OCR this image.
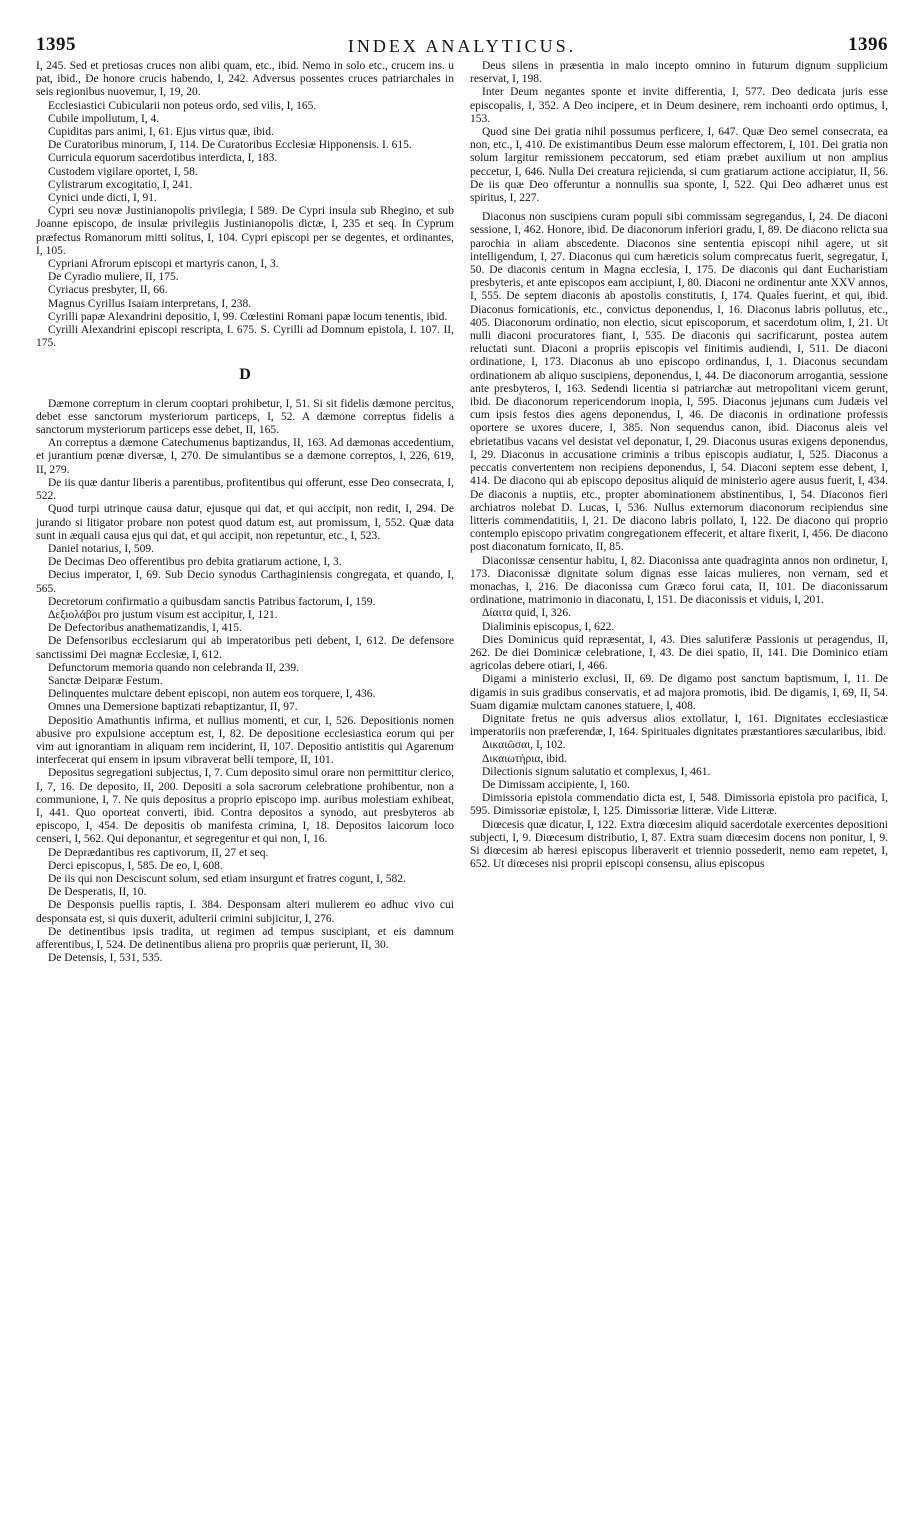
1395	INDEX ANALYTICUS.	1396

I, 245. Sed et pretiosas cruces non alibi quam, etc., ibid. Nemo in solo etc., crucem ins. u pat, ibid., De honore crucis habendo, I, 242. Adversus possentes cruces patriarchales in seis regionibus nuovemur, I, 19, 20.

Ecclesiastici Cubicularii non poteus ordo, sed vilis, I, 165.

Cubile impollutum, I, 4.

Cupiditas pars animi, I, 61. Ejus virtus quæ, ibid.

De Curatoribus minorum, I, 114. De Curatoribus Ecclesiæ Hipponensis. I. 615.

Curricula equorum sacerdotibus interdicta, I, 183.

Custodem vigilare oportet, I, 58.

Cylistrarum excogitatio, I, 241.

Cynici unde dicti, I, 91.

Cypri seu novæ Justinianopolis privilegia, I 589. De Cypri insula sub Rhegino, et sub Joanne episcopo, de insulæ privilegiis Justinianopolis dictæ, I, 235 et seq. In Cyprum præfectus Romanorum mitti solitus, I, 104. Cypri episcopi per se degentes, et ordinantes, I, 105.

Cypriani Afrorum episcopi et martyris canon, I, 3.

De Cyradio muliere, II, 175.

Cyriacus presbyter, II, 66.

Magnus Cyrillus Isaiam interpretans, I, 238.

Cyrilli papæ Alexandrini depositio, I, 99. Cœlestini Romani papæ locum tenentis, ibid.

Cyrilli Alexandrini episcopi rescripta, I. 675. S. Cyrilli ad Domnum epistola, I. 107. II, 175.

D

Dæmone correptum in clerum cooptari prohibetur, I, 51. Si sit fidelis dæmone percitus, debet esse sanctorum mysteriorum particeps, I, 52. A dæmone correptus fidelis a sanctorum mysteriorum particeps esse debet, II, 165.

An correptus a dæmone Catechumenus baptizandus, II, 163. Ad dæmonas accedentium, et jurantium pœnæ diversæ, I, 270. De simulantibus se a dæmone correptos, I, 226, 619, II, 279.

De iis quæ dantur liberis a parentibus, profitentibus qui offerunt, esse Deo consecrata, I, 522.

Quod turpi utrinque causa datur, ejusque qui dat, et qui accipit, non redit, I, 294. De jurando si litigator probare non potest quod datum est, aut promissum, I, 552. Quæ data sunt in æquali causa ejus qui dat, et qui accipit, non repetuntur, etc., I, 523.

Daniel notarius, I, 509.

De Decimas Deo offerentibus pro debita gratiarum actione, I, 3.

Decius imperator, I, 69. Sub Decio synodus Carthaginiensis congregata, et quando, I, 565.

Decretorum confirmatio a quibusdam sanctis Patribus factorum, I, 159.

Δεξιολάβοι pro justum visum est accipitur, I, 121.

De Defectoribus anathematizandis, I, 415.

De Defensoribus ecclesiarum qui ab imperatoribus peti debent, I, 612. De defensore sanctissimi Dei magnæ Ecclesiæ, I, 612.

Defunctorum memoria quando non celebranda II, 239.

Sanctæ Deiparæ Festum.

Delinquentes mulctare debent episcopi, non autem eos torquere, I, 436.

Omnes una Demersione baptizati rebaptizantur, II, 97.

Depositio Amathuntis infirma, et nullius momenti, et cur, I, 526. Depositionis nomen abusive pro expulsione acceptum est, I, 82. De depositione ecclesiastica eorum qui per vim aut ignorantiam in aliquam rem inciderint, II, 107. Depositio antistitis qui Agarenum interfecerat qui ensem in ipsum vibraverat belli tempore, II, 101.

Depositus segregationi subjectus, I, 7. Cum deposito simul orare non permittitur clerico, I, 7, 16. De deposito, II, 200. Depositi a sola sacrorum celebratione prohibentur, non a communione, I, 7. Ne quis depositus a proprio episcopo imp. auribus molestiam exhibeat, I, 441. Quo oporteat converti, ibid. Contra depositos a synodo, aut presbyteros ab episcopo, I, 454. De depositis ob manifesta crimina, I, 18. Depositos laicorum loco censeri, I, 562. Qui deponantur, et segregentur et qui non, I, 16.

De Deprædantibus res captivorum, II, 27 et seq.

Derci episcopus, I, 585. De eo, I, 608.

De iis qui non Desciscunt solum, sed etiam insurgunt et fratres cogunt, I, 582.

De Desperatis, II, 10.

De Desponsis puellis raptis, I. 384. Desponsam alteri mulierem eo adhuc vivo cui desponsata est, si quis duxerit, adulterii crimini subjicitur, I, 276.

De detinentibus ipsis tradita, ut regimen ad tempus suscipiant, et eis damnum afferentibus, I, 524. De detinentibus aliena pro propriis quæ perierunt, II, 30.

De Detensis, I, 531, 535.

Deus silens in præsentia in malo incepto omnino in futurum dignum supplicium reservat, I, 198.

Inter Deum negantes sponte et invite differentia, I, 577. Deo dedicata juris esse episcopalis, I, 352. A Deo incipere, et in Deum desinere, rem inchoanti ordo optimus, I, 153.

Quod sine Dei gratia nihil possumus perficere, I, 647. Quæ Deo semel consecrata, ea non, etc., I, 410. De existimantibus Deum esse malorum effectorem, I, 101. Dei gratia non solum largitur remissionem peccatorum, sed etiam præbet auxilium ut non amplius peccetur, I, 646. Nulla Dei creatura rejicienda, si cum gratiarum actione accipiatur, II, 56. De iis quæ Deo offeruntur a nonnullis sua sponte, I, 522. Qui Deo adhæret unus est spiritus, I, 227.

Diaconus non suscipiens curam populi sibi commissam segregandus, I, 24. De diaconi sessione, I, 462. Honore, ibid. De diaconorum inferiori gradu, I, 89. De diacono relicta sua parochia in aliam abscedente. Diaconos sine sententia episcopi nihil agere, ut sit intelligendum, I, 27. Diaconus qui cum hæreticis solum comprecatus fuerit, segregatur, I, 50. De diaconis centum in Magna ecclesia, I, 175. De diaconis qui dant Eucharistiam presbyteris, et ante episcopos eam accipiunt, I, 80. Diaconi ne ordinentur ante XXV annos, I, 555. De septem diaconis ab apostolis constitutis, I, 174. Quales fuerint, et qui, ibid. Diaconus fornicationis, etc., convictus deponendus, I, 16. Diaconus labris pollutus, etc., 405. Diaconorum ordinatio, non electio, sicut episcoporum, et sacerdotum olim, I, 21. Ut nulli diaconi procuratores fiant, I, 535. De diaconis qui sacrificarunt, postea autem reluctati sunt. Diaconi a propriis episcopis vel finitimis audiendi, I, 511. De diaconi ordinatione, I, 173. Diaconus ab uno episcopo ordinandus, I, 1. Diaconus secundam ordinationem ab aliquo suscipiens, deponendus, I, 44. De diaconorum arrogantia, sessione ante presbyteros, I, 163. Sedendi licentia si patriarchæ aut metropolitani vicem gerunt, ibid. De diaconorum repericendorum inopia, I, 595. Diaconus jejunans cum Judæis vel cum ipsis festos dies agens deponendus, I, 46. De diaconis in ordinatione professis oportere se uxores ducere, I, 385. Non sequendus canon, ibid. Diaconus aleis vel ebrietatibus vacans vel desistat vel deponatur, I, 29. Diaconus usuras exigens deponendus, I, 29. Diaconus in accusatione criminis a tribus episcopis audiatur, I, 525. Diaconus a peccatis convertentem non recipiens deponendus, I, 54. Diaconi septem esse debent, I, 414. De diacono qui ab episcopo depositus aliquid de ministerio agere ausus fuerit, I, 434. De diaconis a nuptiis, etc., propter abominationem abstinentibus, I, 54. Diaconos fieri archiatros nolebat D. Lucas, I, 536. Nullus externorum diaconorum recipiendus sine litteris commendatitiis, I, 21. De diacono labris pollato, I, 122. De diacono qui proprio contemplo episcopo privatim congregationem effecerit, et altare fixerit, I, 456. De diacono post diaconatum fornicato, II, 85.

Diaconissæ censentur habitu, I, 82. Diaconissa ante quadraginta annos non ordinetur, I, 173. Diaconissæ dignitate solum dignas esse laicas mulieres, non vernam, sed et monachas, I, 216. De diaconissa cum Græco forui cata, II, 101. De diaconissarum ordinatione, matrimonio in diaconatu, I, 151. De diaconissis et viduis, I, 201.

Δίαιτα quid, I, 326.

Dialiminis episcopus, I, 622.

Dies Dominicus quid repræsentat, I, 43. Dies salutiferæ Passionis ut peragendus, II, 262. De diei Dominicæ celebratione, I, 43. De diei spatio, II, 141. Die Dominico etiam agricolas debere otiari, I, 466.

Digami a ministerio exclusi, II, 69. De digamo post sanctum baptismum, I, 11. De digamis in suis gradibus conservatis, et ad majora promotis, ibid. De digamis, I, 69, II, 54. Suam digamiæ mulctam canones statuere, I, 408.

Dignitate fretus ne quis adversus alios extollatur, I, 161. Dignitates ecclesiasticæ imperatoriis non præferendæ, I, 164. Spirituales dignitates præstantiores sæcularibus, ibid.

Δικαιῶσαι, I, 102.

Δικαιωτήρια, ibid.

Dilectionis signum salutatio et complexus, I, 461.

De Dimissam accipiente, I, 160.

Dimissoria epistola commendatio dicta est, I, 548. Dimissoria epistola pro pacifica, I, 595. Dimissoriæ epistolæ, I, 125. Dimissoriæ litteræ. Vide Litteræ.

Diœcesis quæ dicatur, I, 122. Extra diœcesim aliquid sacerdotale exercentes depositioni subjecti, I, 9. Diœcesum distributio, I, 87. Extra suam diœcesim docens non ponitur, I, 9. Si diœcesim ab hæresi episcopus liberaverit et triennio possederit, nemo eam repetet, I, 652. Ut diœceses nisi proprii episcopi consensu, alius episcopus
